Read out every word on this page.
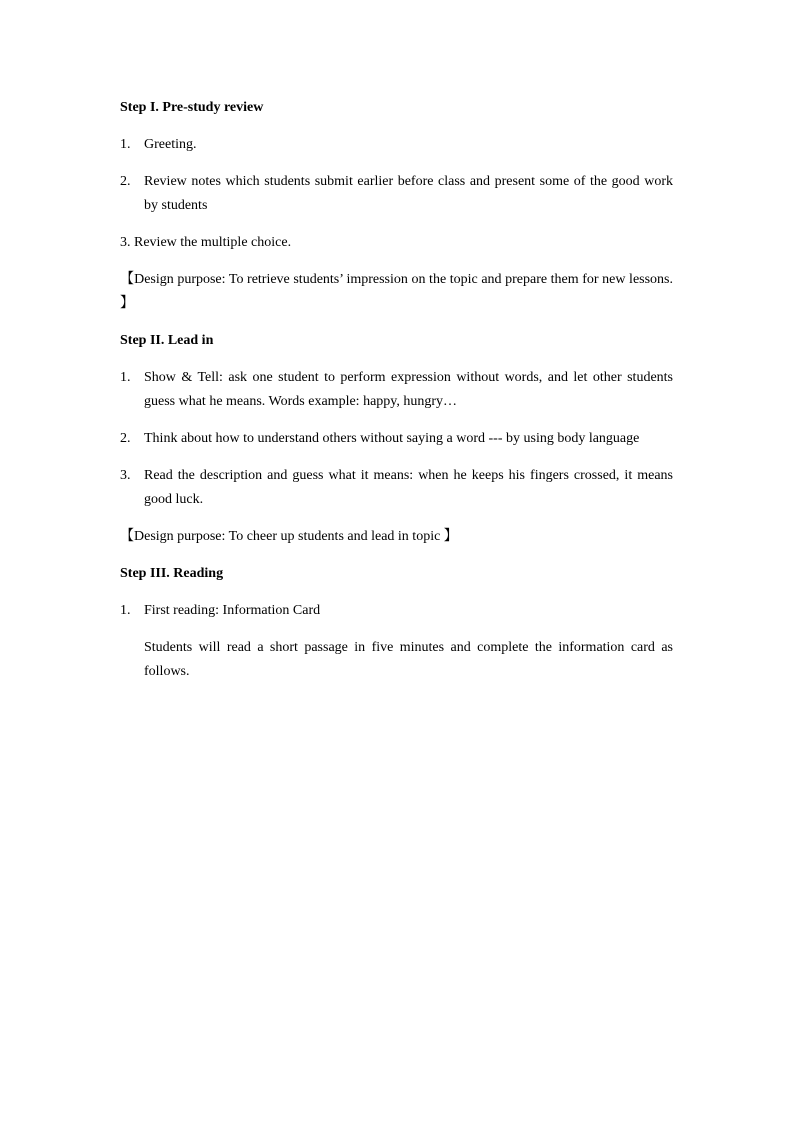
Step I. Pre-study review
1. Greeting.
2. Review notes which students submit earlier before class and present some of the good work by students
3. Review the multiple choice.
【Design purpose: To retrieve students’ impression on the topic and prepare them for new lessons. 】
Step II. Lead in
1. Show & Tell: ask one student to perform expression without words, and let other students guess what he means. Words example: happy, hungry…
2. Think about how to understand others without saying a word --- by using body language
3. Read the description and guess what it means: when he keeps his fingers crossed, it means good luck.
【Design purpose: To cheer up students and lead in topic 】
Step III. Reading
1. First reading: Information Card
Students will read a short passage in five minutes and complete the information card as follows.
